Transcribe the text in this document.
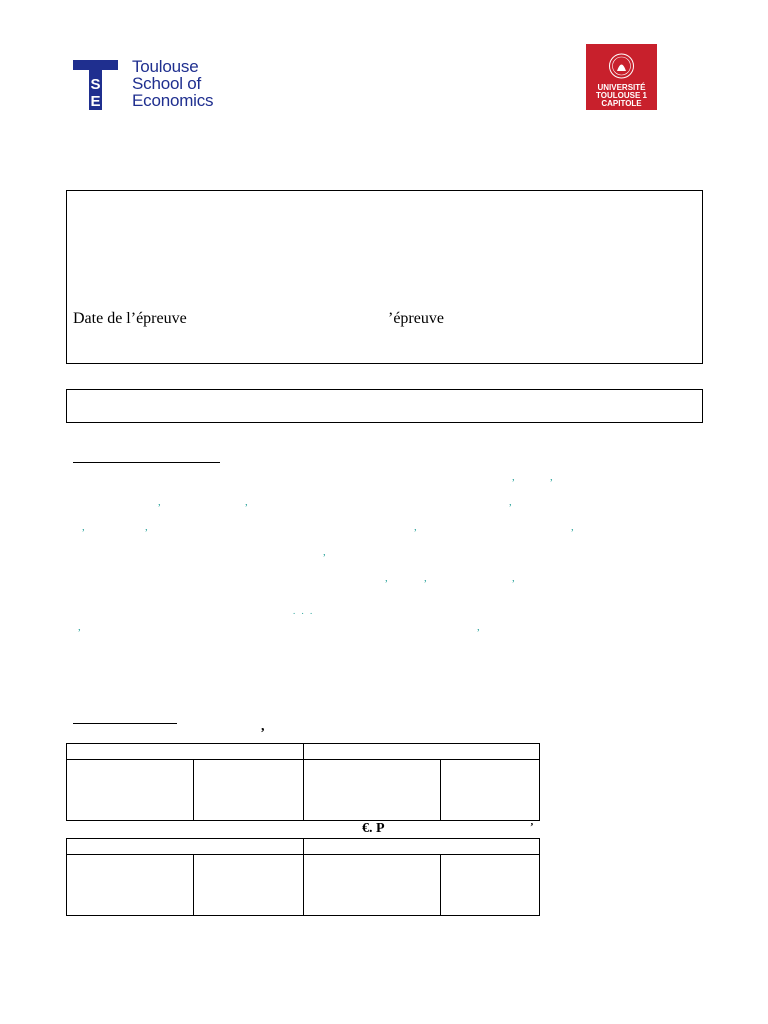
S
E
Toulouse
School of
Economics
UNIVERSITÉ
TOULOUSE 1
CAPITOLE
Date de l’épreuve	’épreuve
,	,
,	,	,
,	,	,	,
,
,	,	,
. . .
,	,
,

€. P	’
